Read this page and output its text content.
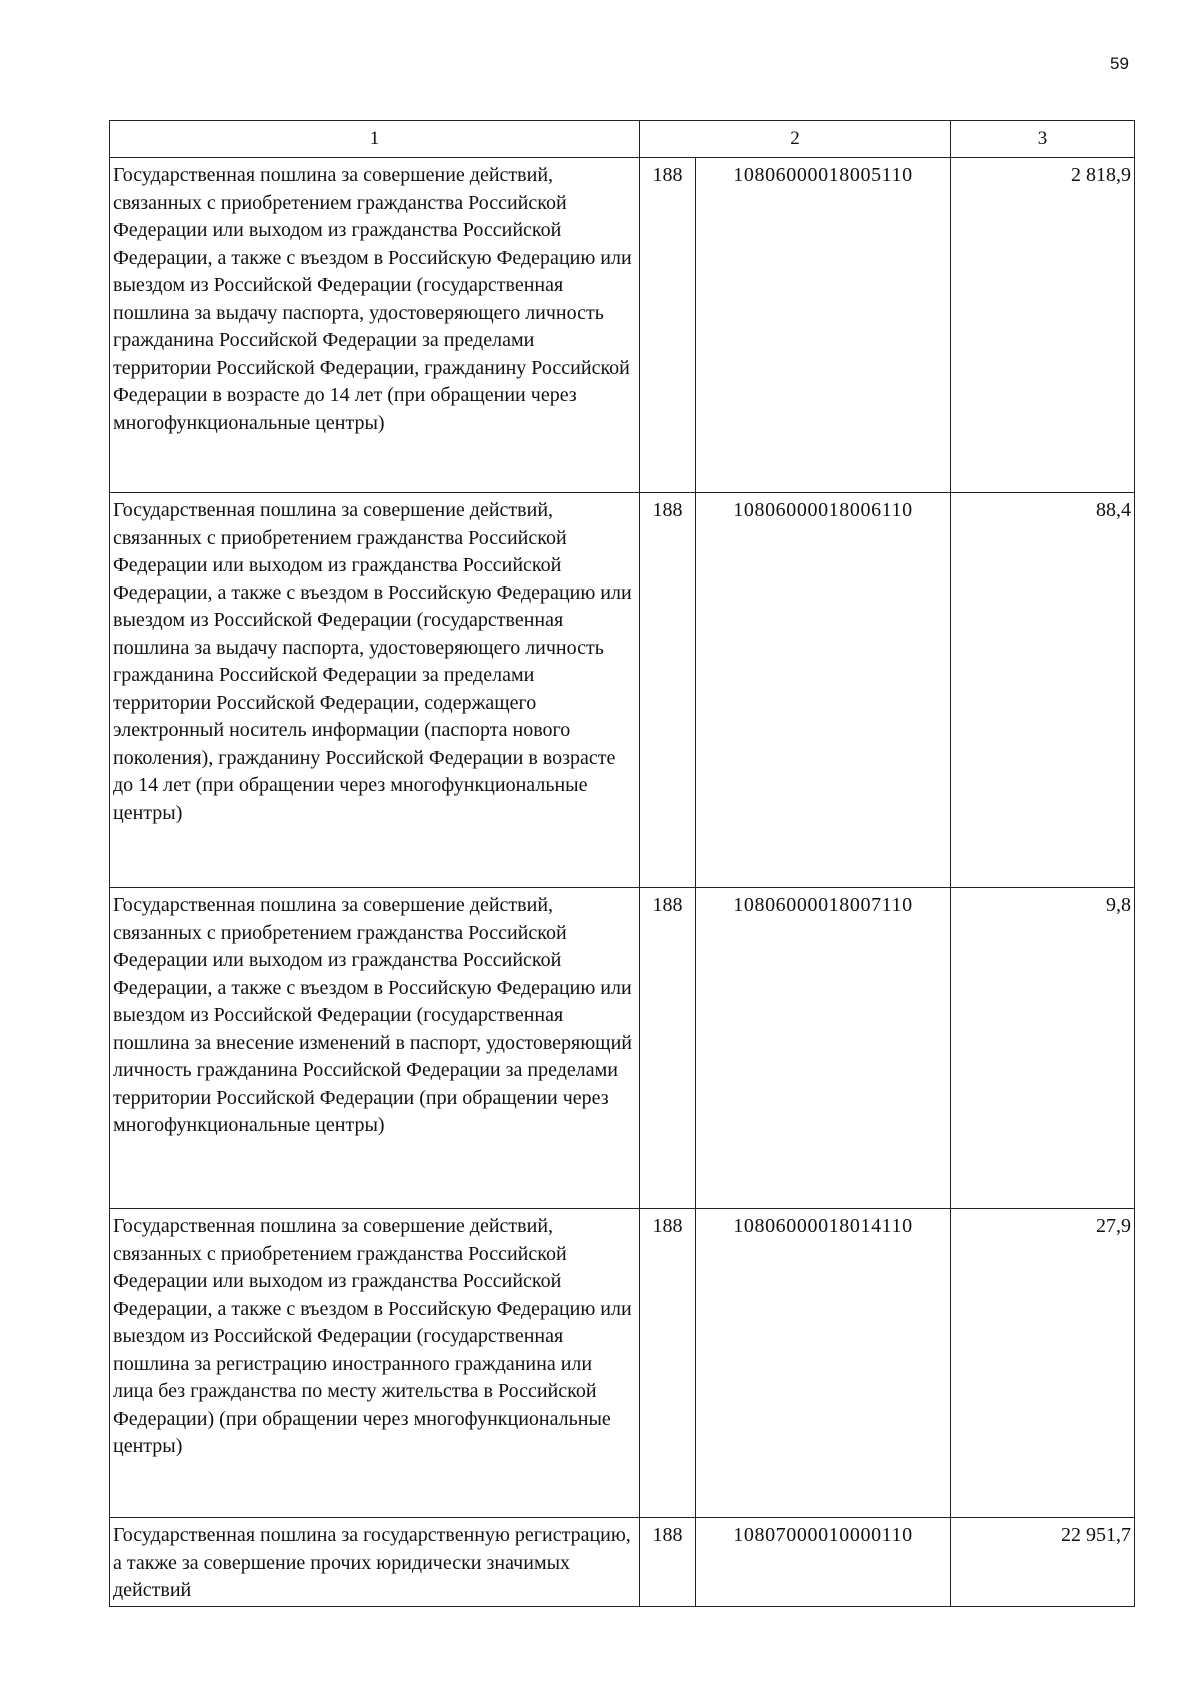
59
1	2		3
Государственная пошлина за совершение действий, связанных с приобретением гражданства Российской Федерации или выходом из гражданства Российской Федерации, а также с въездом в Российскую Федерацию или выездом из Российской Федерации (государственная пошлина за выдачу паспорта, удостоверяющего личность гражданина Российской Федерации за пределами территории Российской Федерации, гражданину Российской Федерации в возрасте до 14 лет (при обращении через многофункциональные центры)	188	10806000018005110	2 818,9
Государственная пошлина за совершение действий, связанных с приобретением гражданства Российской Федерации или выходом из гражданства Российской Федерации, а также с въездом в Российскую Федерацию или выездом из Российской Федерации (государственная пошлина за выдачу паспорта, удостоверяющего личность гражданина Российской Федерации за пределами территории Российской Федерации, содержащего электронный носитель информации (паспорта нового поколения), гражданину Российской Федерации в возрасте до 14 лет (при обращении через многофункциональные центры)	188	10806000018006110	88,4
Государственная пошлина за совершение действий, связанных с приобретением гражданства Российской Федерации или выходом из гражданства Российской Федерации, а также с въездом в Российскую Федерацию или выездом из Российской Федерации (государственная пошлина за внесение изменений в паспорт, удостоверяющий личность гражданина Российской Федерации за пределами территории Российской Федерации (при обращении через многофункциональные центры)	188	10806000018007110	9,8
Государственная пошлина за совершение действий, связанных с приобретением гражданства Российской Федерации или выходом из гражданства Российской Федерации, а также с въездом в Российскую Федерацию или выездом из Российской Федерации (государственная пошлина за регистрацию иностранного гражданина или лица без гражданства по месту жительства в Российской Федерации) (при обращении через многофункциональные центры)	188	10806000018014110	27,9
Государственная пошлина за государственную регистрацию, а также за совершение прочих юридически значимых действий	188	10807000010000110	22 951,7
